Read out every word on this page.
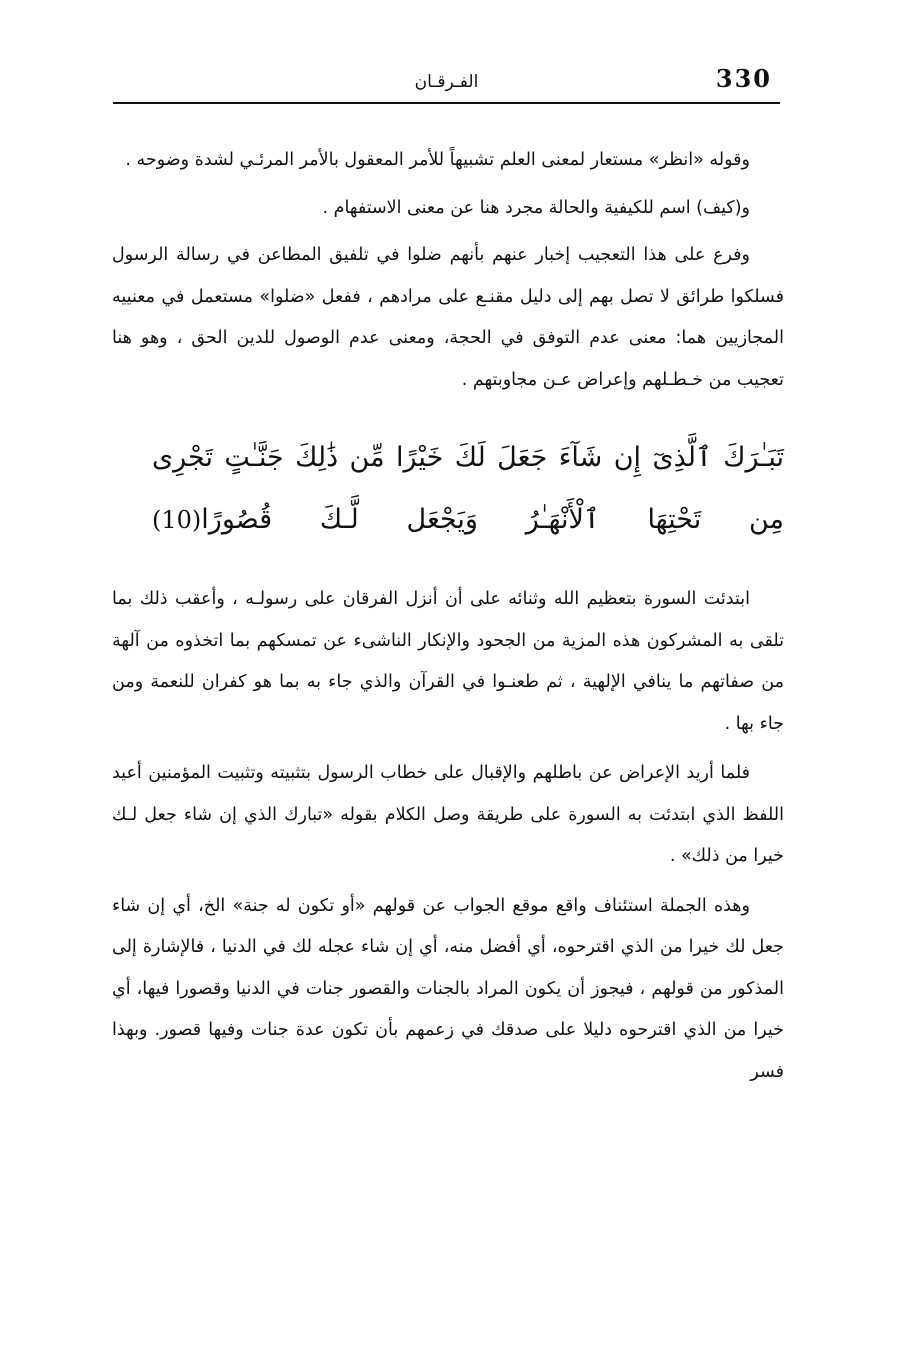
330
الفـرقـان

وقوله «انظر» مستعار لمعنى العلم تشبيهاً للأمر المعقول بالأمر المرئـي لشدة وضوحه .

و(كيف) اسم للكيفية والحالة مجرد هنا عن معنى الاستفهام .

وفرع على هذا التعجيب إخبار عنهم بأنهم ضلوا في تلفيق المطاعن في رسالة الرسول فسلكوا طرائق لا تصل بهم إلى دليل مقنـع على مرادهم ، ففعل «ضلوا» مستعمل في معنييه المجازيين هما: معنى عدم التوفق في الحجة، ومعنى عدم الوصول للدين الحق ، وهو هنا تعجيب من خـطـلهم وإعراض عـن مجاوبتهم .

تَبَـٰرَكَ ٱلَّذِىٓ إِن شَآءَ جَعَلَ لَكَ خَيْرًا مِّن ذَٰلِكَ جَنَّـٰتٍ تَجْرِى مِن تَحْتِهَا ٱلْأَنْهَـٰرُ وَيَجْعَل لَّـكَ قُصُورًا(10)

ابتدئت السورة بتعظيم الله وثنائه على أن أنزل الفرقان على رسولـه ، وأعقب ذلك بما تلقى به المشركون هذه المزية من الجحود والإنكار الناشىء عن تمسكهم بما اتخذوه من آلهة من صفاتهم ما ينافي الإلهية ، ثم طعنـوا في القرآن والذي جاء به بما هو كفران للنعمة ومن جاء بها .

فلما أريد الإعراض عن باطلهم والإقبال على خطاب الرسول بتثبيته وتثبيت المؤمنين أعيد اللفظ الذي ابتدئت به السورة على طريقة وصل الكلام بقوله «تبارك الذي إن شاء جعل لـك خيرا من ذلك» .

وهذه الجملة استئناف واقع موقع الجواب عن قولهم «أو تكون له جنة» الخ، أي إن شاء جعل لك خيرا من الذي اقترحوه، أي أفضل منه، أي إن شاء عجله لك في الدنيا ، فالإشارة إلى المذكور من قولهم ، فيجوز أن يكون المراد بالجنات والقصور جنات في الدنيا وقصورا فيها، أي خيرا من الذي اقترحوه دليلا على صدقك في زعمهم بأن تكون عدة جنات وفيها قصور. وبهذا فسر
